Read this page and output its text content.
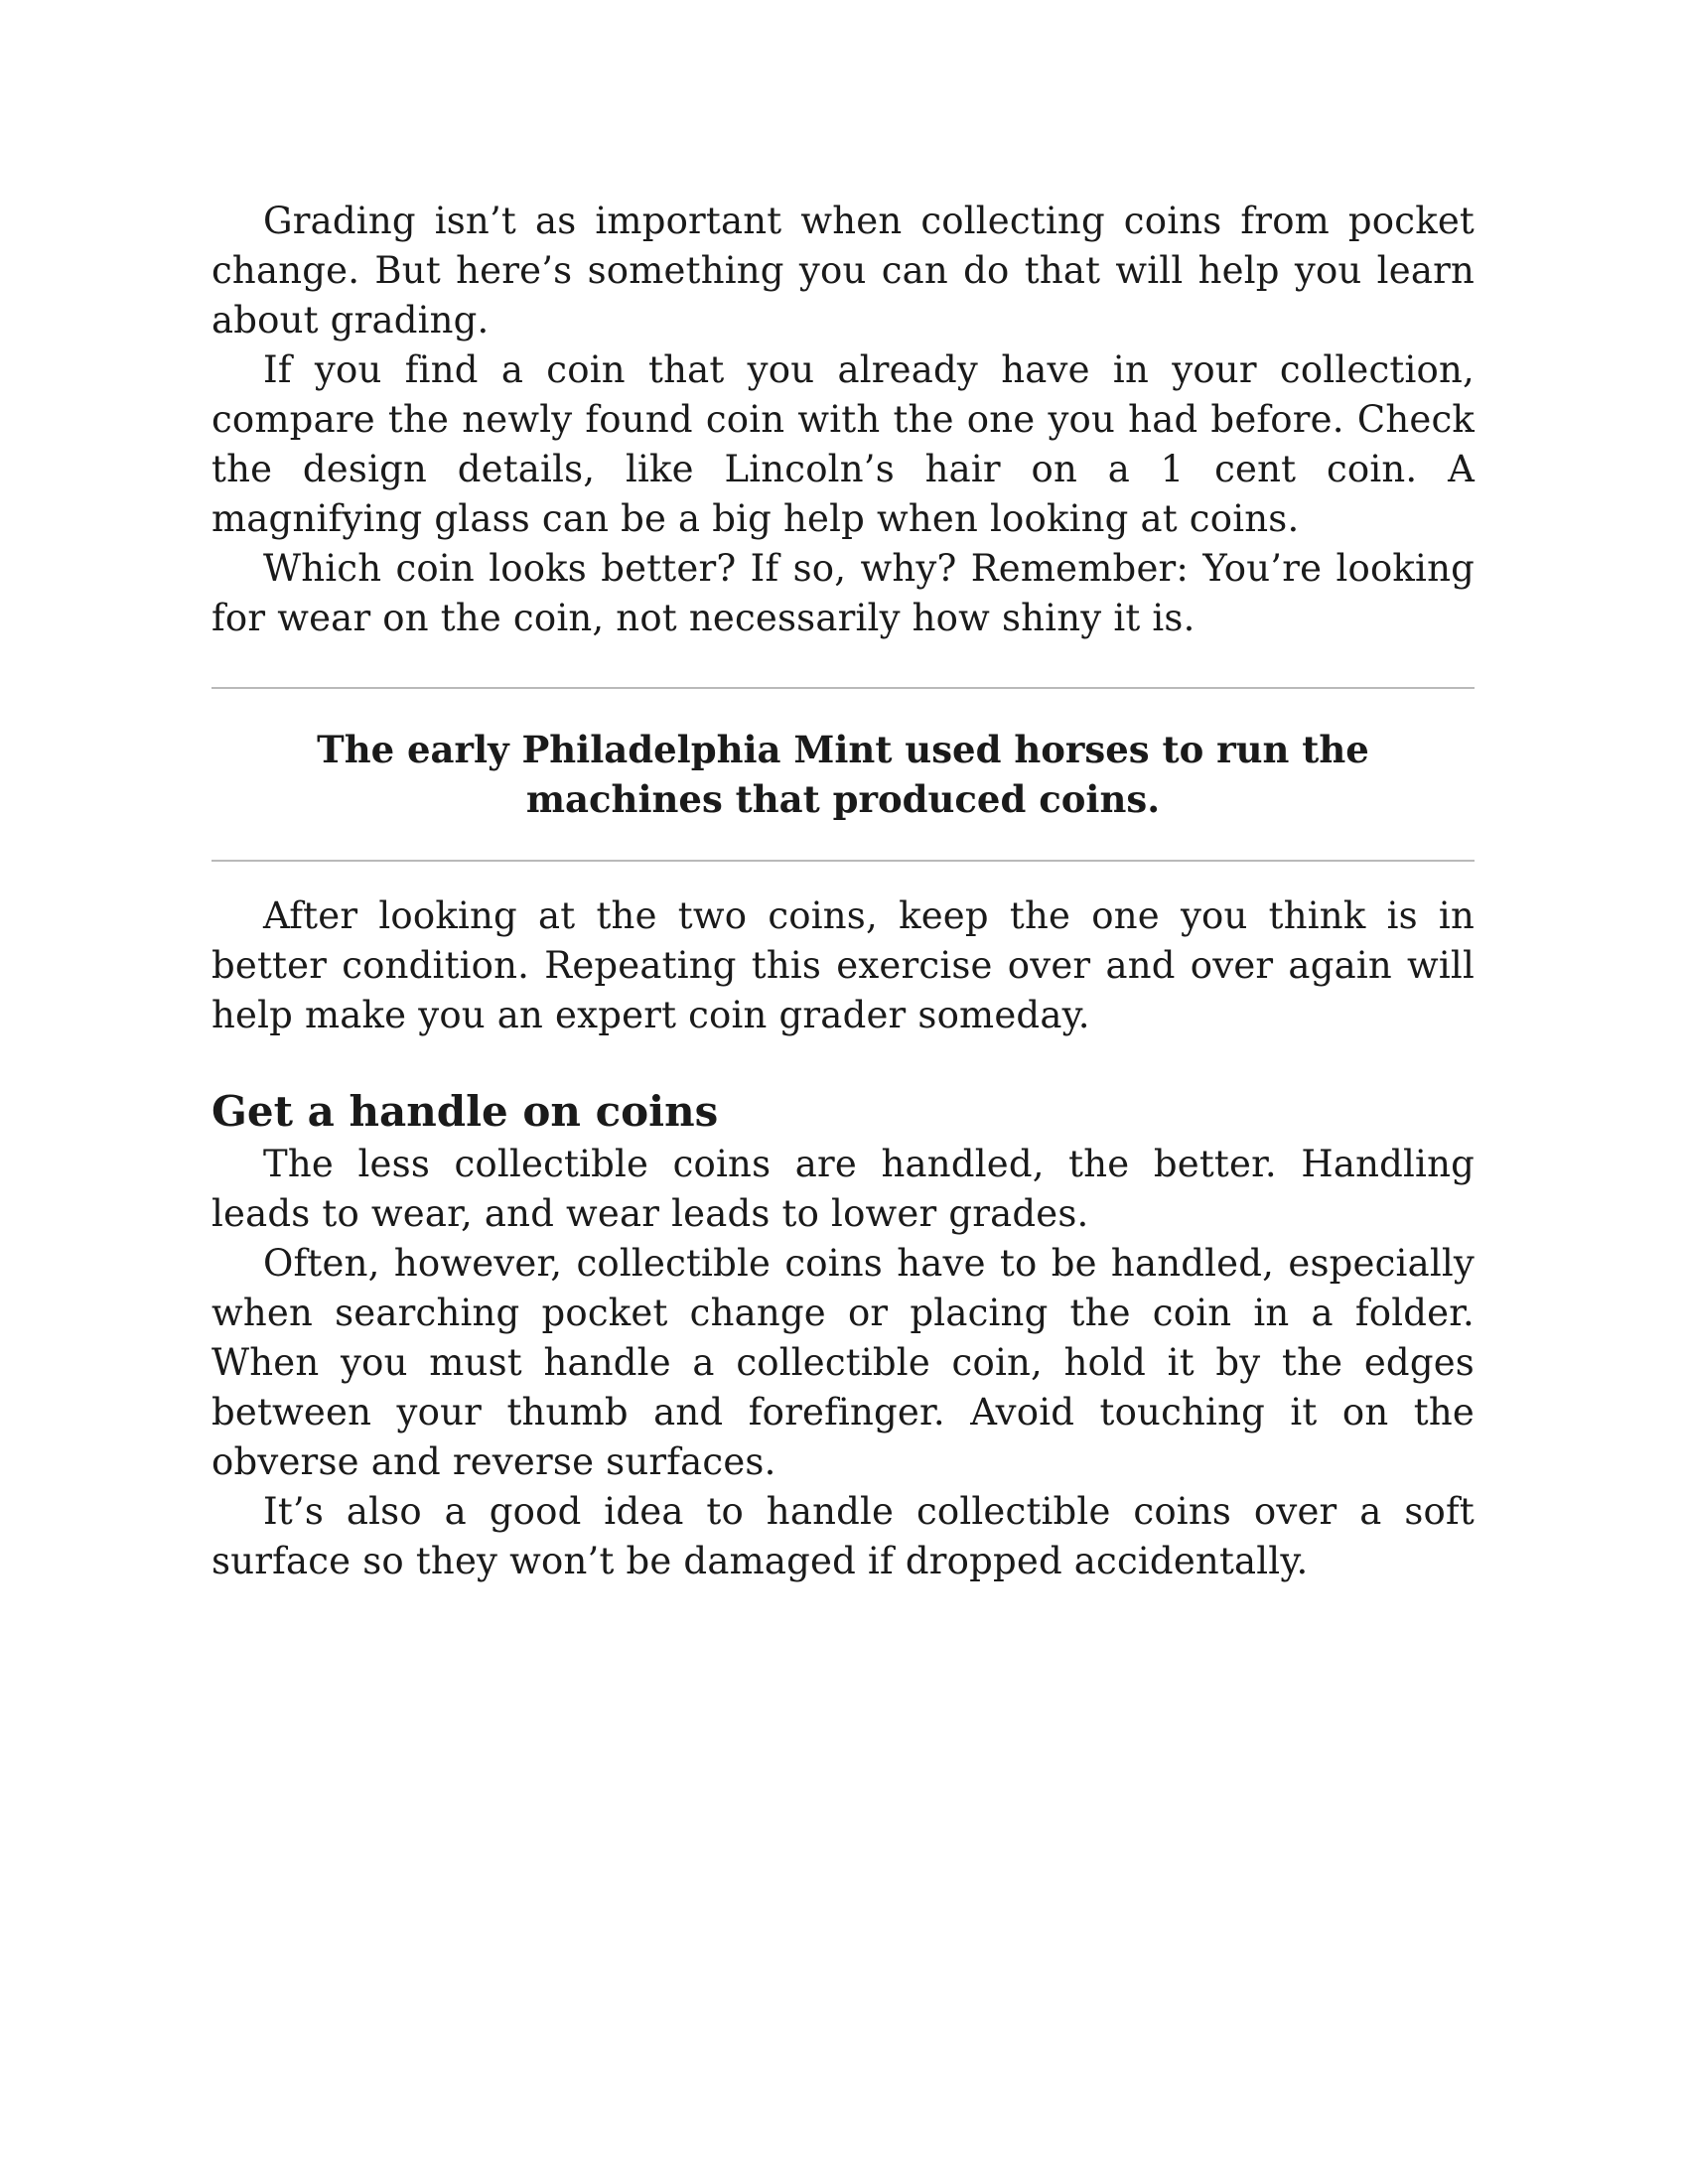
Grading isn’t as important when collecting coins from pocket change. But here’s something you can do that will help you learn about grading.

If you find a coin that you already have in your collection, compare the newly found coin with the one you had before. Check the design details, like Lincoln’s hair on a 1 cent coin. A magnifying glass can be a big help when looking at coins.

Which coin looks better? If so, why? Remember: You’re looking for wear on the coin, not necessarily how shiny it is.

The early Philadelphia Mint used horses to run the machines that produced coins.

After looking at the two coins, keep the one you think is in better condition. Repeating this exercise over and over again will help make you an expert coin grader someday.

Get a handle on coins

The less collectible coins are handled, the better. Handling leads to wear, and wear leads to lower grades.

Often, however, collectible coins have to be handled, especially when searching pocket change or placing the coin in a folder. When you must handle a collectible coin, hold it by the edges between your thumb and forefinger. Avoid touching it on the obverse and reverse surfaces.

It’s also a good idea to handle collectible coins over a soft surface so they won’t be damaged if dropped accidentally.
